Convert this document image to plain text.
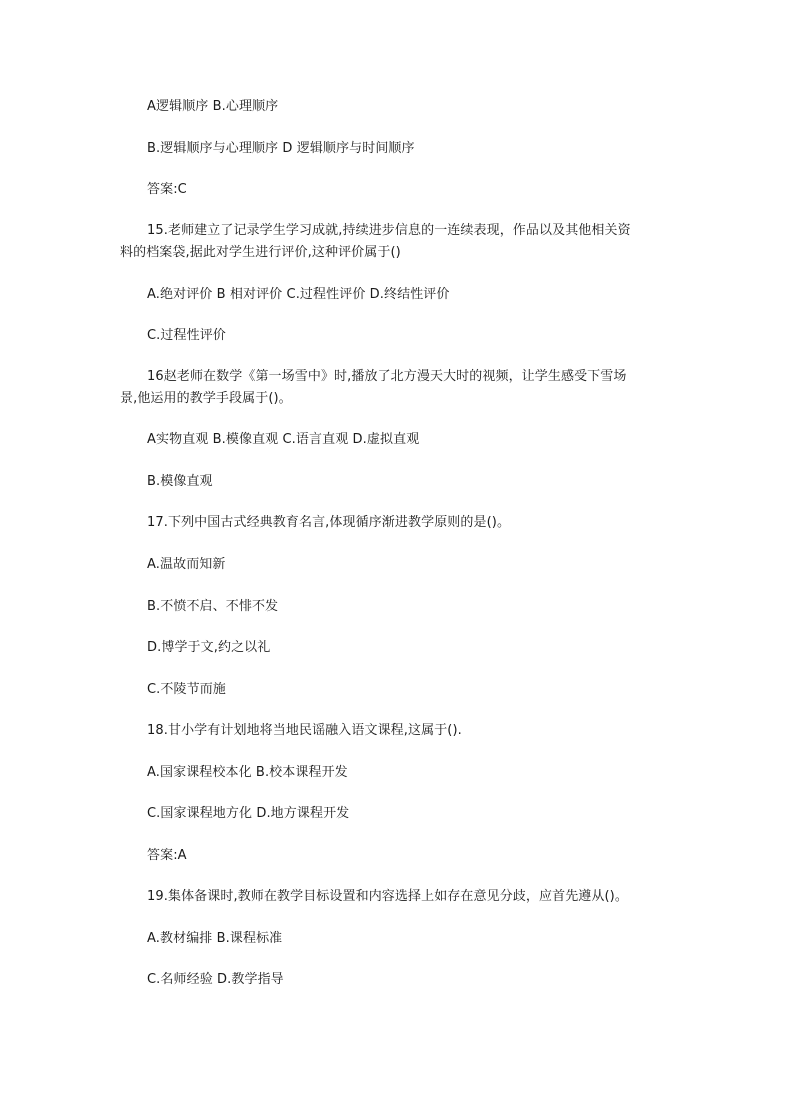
A逻辑顺序 B.心理顺序
B.逻辑顺序与心理顺序 D 逻辑顺序与时间顺序
答案:C
15.老师建立了记录学生学习成就,持续进步信息的一连续表现，作品以及其他相关资
料的档案袋,据此对学生进行评价,这种评价属于()
A.绝对评价 B 相对评价 C.过程性评价 D.终结性评价
C.过程性评价
16赵老师在数学《第一场雪中》时,播放了北方漫天大时的视频，让学生感受下雪场
景,他运用的教学手段属于()。
A实物直观 B.模像直观 C.语言直观 D.虚拟直观
B.模像直观
17.下列中国古式经典教育名言,体现循序渐进教学原则的是()。
A.温故而知新
B.不愤不启、不悱不发
D.博学于文,约之以礼
C.不陵节而施
18.甘小学有计划地将当地民谣融入语文课程,这属于().
A.国家课程校本化 B.校本课程开发
C.国家课程地方化 D.地方课程开发
答案:A
19.集体备课时,教师在教学目标设置和内容选择上如存在意见分歧，应首先遵从()。
A.教材编排 B.课程标准
C.名师经验 D.教学指导
